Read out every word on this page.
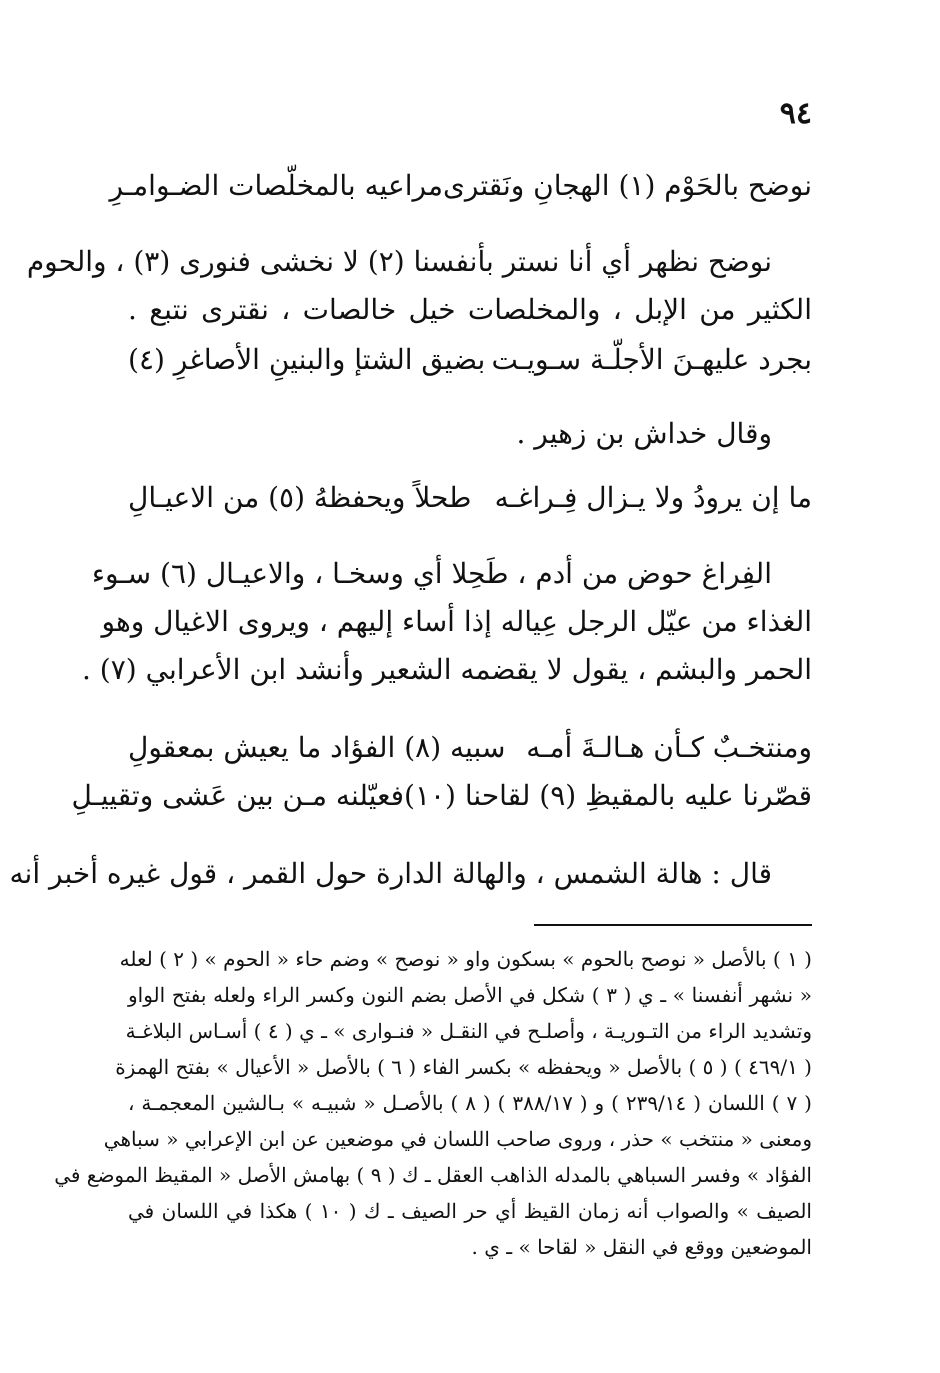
٩٤
نوضح بالحَوْم (١) الهجانِ ونَقترى
مراعيه بالمخلّصات الضـوامـرِ
نوضح نظهر أي أنا نستر بأنفسنا (٢) لا نخشى فنورى (٣) ، والحوم
الكثير من الإبل ، والمخلصات خيل خالصات ، نقترى نتبع .
بجرد عليهـنَ الأجلّـة سـويـت
بضيق الشتإ والبنينِ الأصاغرِ (٤)
وقال خداش بن زهير .
ما إن يرودُ ولا يـزال فِـراغـه
طحلاً ويحفظهُ (٥) من الاعيـالِ
الفِراغ حوض من أدم ، طَحِلا أي وسخـا ، والاعيـال (٦) سـوء
الغذاء من عيّل الرجل عِياله إذا أساء إليهم ، ويروى الاغيال وهو
الحمر والبشم ، يقول لا يقضمه الشعير وأنشد ابن الأعرابي (٧) .
ومنتخـبٌ كـأن هـالـةَ أمـه
سبيه (٨) الفؤاد ما يعيش بمعقولِ
قصّرنا عليه بالمقيظِ (٩) لقاحنا (١٠)
فعيّلنه مـن بين عَشى وتقييـلِ
قال : هالة الشمس ، والهالة الدارة حول القمر ، قول غيره أخبر أنه
( ١ ) بالأصل « نوصح بالحوم » بسكون واو « نوصح » وضم حاء « الحوم » ( ٢ ) لعله
« نشهر أنفسنا » ـ ي ( ٣ ) شكل في الأصل بضم النون وكسر الراء ولعله بفتح الواو
وتشديد الراء من التـوريـة ، وأصلـح في النقـل « فنـوارى » ـ ي ( ٤ ) أسـاس البلاغـة
( ٤٦٩/١ ) ( ٥ ) بالأصل « ويحفظه » بكسر الفاء ( ٦ ) بالأصل « الأعيال » بفتح الهمزة
( ٧ ) اللسان ( ٢٣٩/١٤ ) و ( ٣٨٨/١٧ ) ( ٨ ) بالأصـل « شبيـه » بـالشين المعجمـة ،
ومعنى « منتخب » حذر ، وروى صاحب اللسان في موضعين عن ابن الإعرابي « سباهي
الفؤاد » وفسر السباهي بالمدله الذاهب العقل ـ ك ( ٩ ) بهامش الأصل « المقيظ الموضع في
الصيف » والصواب أنه زمان القيظ أي حر الصيف ـ ك ( ١٠ ) هكذا في اللسان في
الموضعين ووقع في النقل « لقاحا » ـ ي .
